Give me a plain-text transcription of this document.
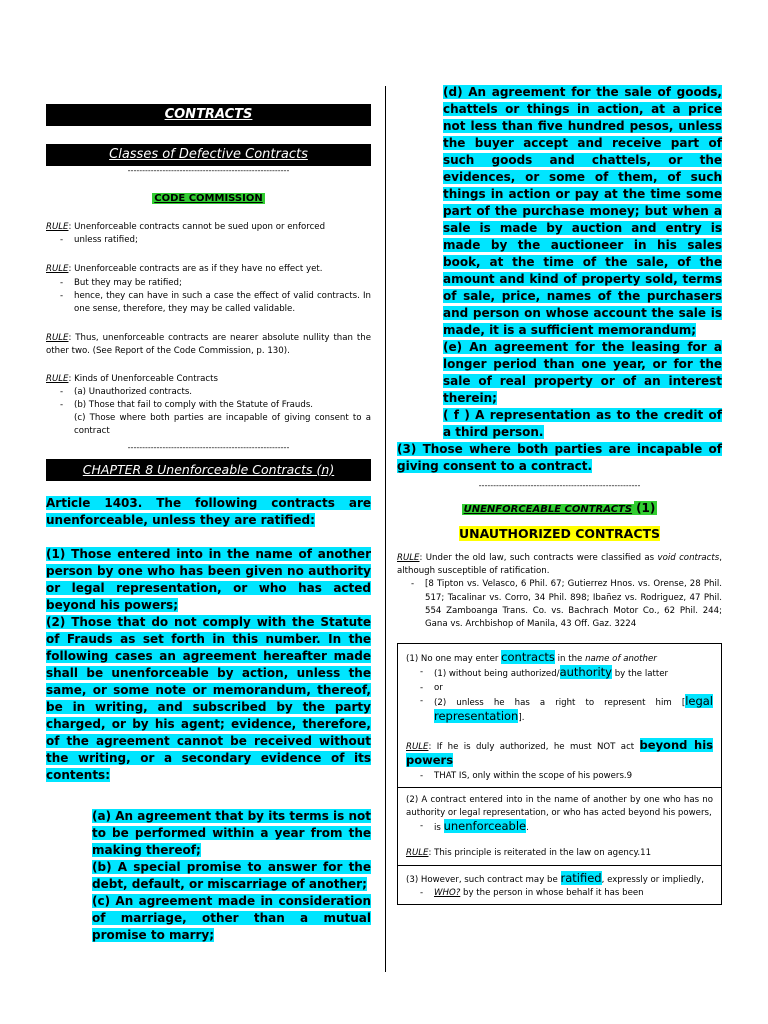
CONTRACTS
Classes of Defective Contracts
--------------------------------------------------------
CODE COMMISSION
RULE: Unenforceable contracts cannot be sued upon or enforced
- unless ratified;
RULE: Unenforceable contracts are as if they have no effect yet.
- But they may be ratified;
- hence, they can have in such a case the effect of valid contracts. In one sense, therefore, they may be called validable.
RULE: Thus, unenforceable contracts are nearer absolute nullity than the other two. (See Report of the Code Commission, p. 130).
RULE: Kinds of Unenforceable Contracts
- (a) Unauthorized contracts.
- (b) Those that fail to comply with the Statute of Frauds.
(c) Those where both parties are incapable of giving consent to a contract
--------------------------------------------------------
CHAPTER 8 Unenforceable Contracts (n)
Article 1403. The following contracts are unenforceable, unless they are ratified:
(1) Those entered into in the name of another person by one who has been given no authority or legal representation, or who has acted beyond his powers;
(2) Those that do not comply with the Statute of Frauds as set forth in this number. In the following cases an agreement hereafter made shall be unenforceable by action, unless the same, or some note or memorandum, thereof, be in writing, and subscribed by the party charged, or by his agent; evidence, therefore, of the agreement cannot be received without the writing, or a secondary evidence of its contents:
(a) An agreement that by its terms is not to be performed within a year from the making thereof;
(b) A special promise to answer for the debt, default, or miscarriage of another;
(c) An agreement made in consideration of marriage, other than a mutual promise to marry;
(d) An agreement for the sale of goods, chattels or things in action, at a price not less than five hundred pesos, unless the buyer accept and receive part of such goods and chattels, or the evidences, or some of them, of such things in action or pay at the time some part of the purchase money; but when a sale is made by auction and entry is made by the auctioneer in his sales book, at the time of the sale, of the amount and kind of property sold, terms of sale, price, names of the purchasers and person on whose account the sale is made, it is a sufficient memorandum;
(e) An agreement for the leasing for a longer period than one year, or for the sale of real property or of an interest therein;
( f ) A representation as to the credit of a third person.
(3) Those where both parties are incapable of giving consent to a contract.
--------------------------------------------------------
UNENFORCEABLE CONTRACTS (1)
UNAUTHORIZED CONTRACTS
RULE: Under the old law, such contracts were classified as void contracts, although susceptible of ratification.
- [8 Tipton vs. Velasco, 6 Phil. 67; Gutierrez Hnos. vs. Orense, 28 Phil. 517; Tacalinar vs. Corro, 34 Phil. 898; Ibañez vs. Rodriguez, 47 Phil. 554 Zamboanga Trans. Co. vs. Bachrach Motor Co., 62 Phil. 244; Gana vs. Archbishop of Manila, 43 Off. Gaz. 3224
(1) No one may enter contracts in the name of another
- (1) without being authorized/authority by the latter
- or
- (2) unless he has a right to represent him [legal representation].
RULE: If he is duly authorized, he must NOT act beyond his powers
- THAT IS, only within the scope of his powers.9
(2) A contract entered into in the name of another by one who has no authority or legal representation, or who has acted beyond his powers,
- is unenforceable.
RULE: This principle is reiterated in the law on agency.11
(3) However, such contract may be ratified, expressly or impliedly,
- WHO? by the person in whose behalf it has been
